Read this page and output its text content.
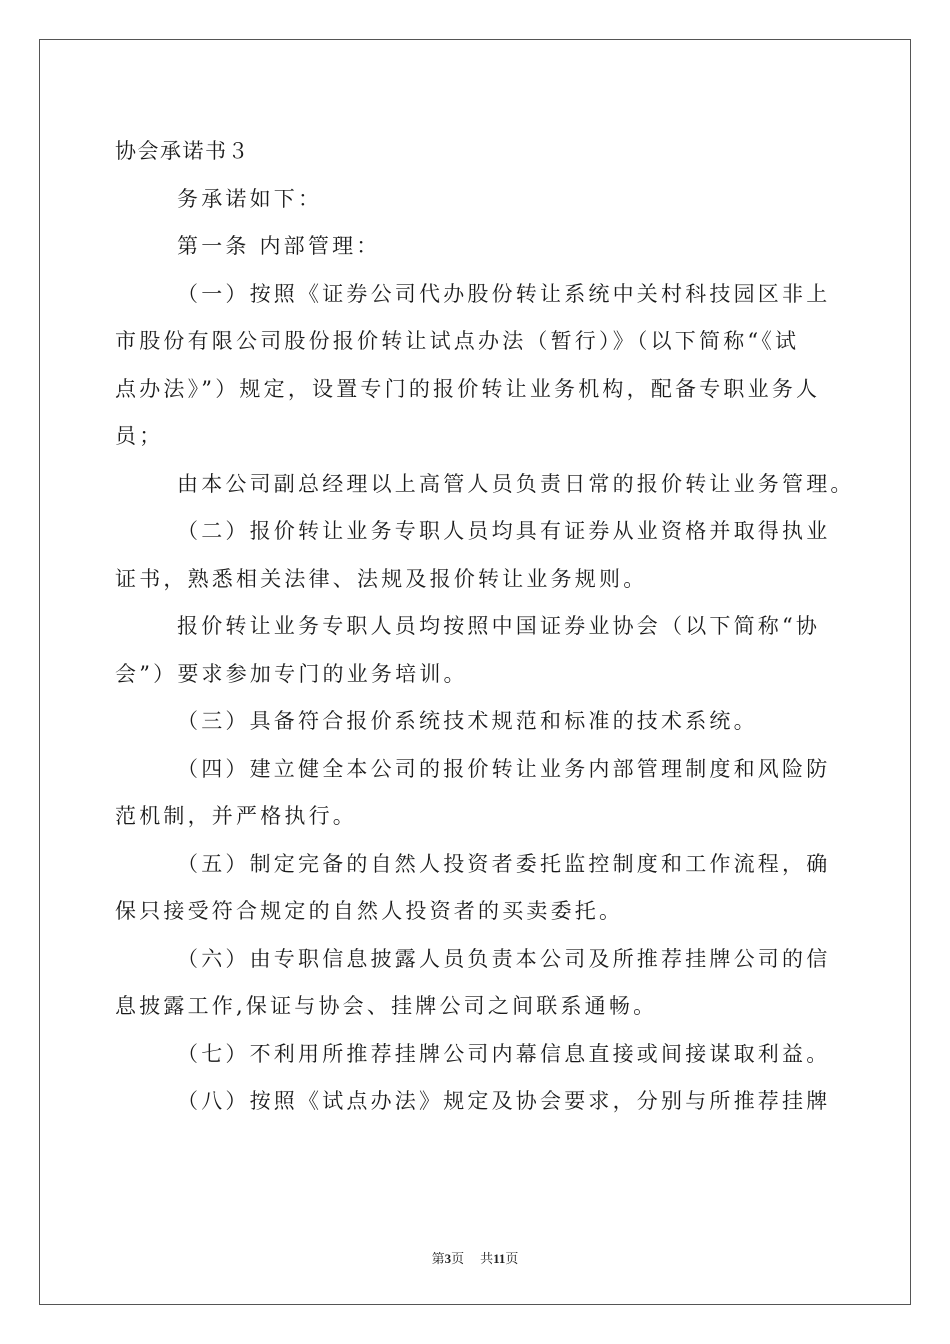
协会承诺书３
务承诺如下：
第一条 内部管理：
（一）按照《证券公司代办股份转让系统中关村科技园区非上
市股份有限公司股份报价转让试点办法（暂行）》（以下简称“《试
点办法》”）规定，设置专门的报价转让业务机构，配备专职业务人
员；
由本公司副总经理以上高管人员负责日常的报价转让业务管理。
（二）报价转让业务专职人员均具有证券从业资格并取得执业
证书，熟悉相关法律、法规及报价转让业务规则。
报价转让业务专职人员均按照中国证券业协会（以下简称“协
会”）要求参加专门的业务培训。
（三）具备符合报价系统技术规范和标准的技术系统。
（四）建立健全本公司的报价转让业务内部管理制度和风险防
范机制，并严格执行。
（五）制定完备的自然人投资者委托监控制度和工作流程，确
保只接受符合规定的自然人投资者的买卖委托。
（六）由专职信息披露人员负责本公司及所推荐挂牌公司的信
息披露工作,保证与协会、挂牌公司之间联系通畅。
（七）不利用所推荐挂牌公司内幕信息直接或间接谋取利益。
（八）按照《试点办法》规定及协会要求，分别与所推荐挂牌
第3页 共11页
